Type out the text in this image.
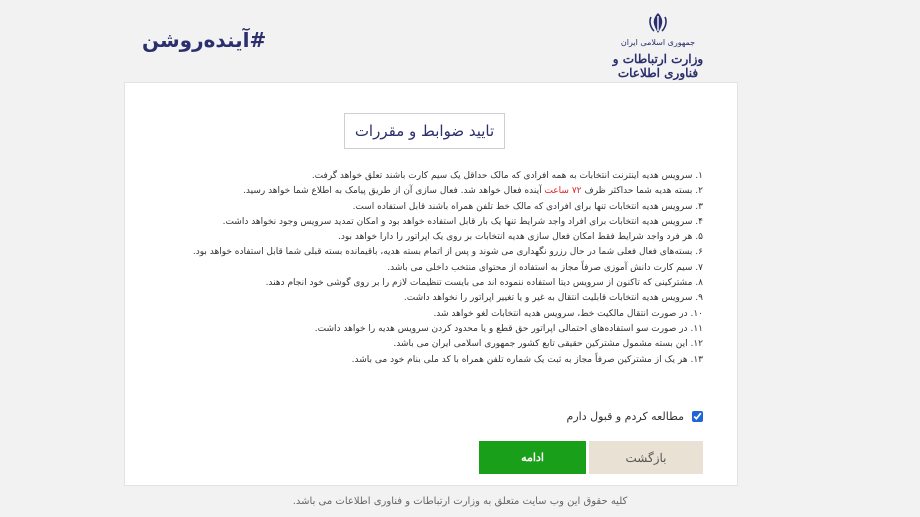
#آینده‌روشن	جمهوری اسلامی ایران
وزارت ارتباطات و فناوری اطلاعات
تایید ضوابط و مقررات
۱. سرویس هدیه اینترنت انتخابات به همه افرادی که مالک حداقل یک سیم کارت باشند تعلق خواهد گرفت.
۲. بسته هدیه شما حداکثر ظرف ۷۲ ساعت آینده فعال خواهد شد. فعال سازی آن از طریق پیامک به اطلاع شما خواهد رسید.
۳. سرویس هدیه انتخابات تنها برای افرادی که مالک خط تلفن همراه باشند قابل استفاده است.
۴. سرویس هدیه انتخابات برای افراد واجد شرایط تنها یک بار قابل استفاده خواهد بود و امکان تمدید سرویس وجود نخواهد داشت.
۵. هر فرد واجد شرایط فقط امکان فعال سازی هدیه انتخابات بر روی یک اپراتور را دارا خواهد بود.
۶. بسته‌های فعال فعلی شما در حال رزرو نگهداری می شوند و پس از اتمام بسته هدیه، باقیمانده بسته قبلی شما قابل استفاده خواهد بود.
۷. سیم کارت دانش آموزی صرفاً مجاز به استفاده از محتوای منتخب داخلی می باشد.
۸. مشترکینی که تاکنون از سرویس دیتا استفاده ننموده اند می بایست تنظیمات لازم را بر روی گوشی خود انجام دهند.
۹. سرویس هدیه انتخابات قابلیت انتقال به غیر و یا تغییر اپراتور را نخواهد داشت.
۱۰. در صورت انتقال مالکیت خط، سرویس هدیه انتخابات لغو خواهد شد.
۱۱. در صورت سو استفاده‌های احتمالی اپراتور حق قطع و یا محدود کردن سرویس هدیه را خواهد داشت.
۱۲. این بسته مشمول مشترکین حقیقی تابع کشور جمهوری اسلامی ایران می باشد.
۱۳. هر یک از مشترکین صرفاً مجاز به ثبت یک شماره تلفن همراه با کد ملی بنام خود می باشد.
مطالعه کردم و قبول دارم
بازگشت
ادامه
کلیه حقوق این وب سایت متعلق به وزارت ارتباطات و فناوری اطلاعات می باشد.
